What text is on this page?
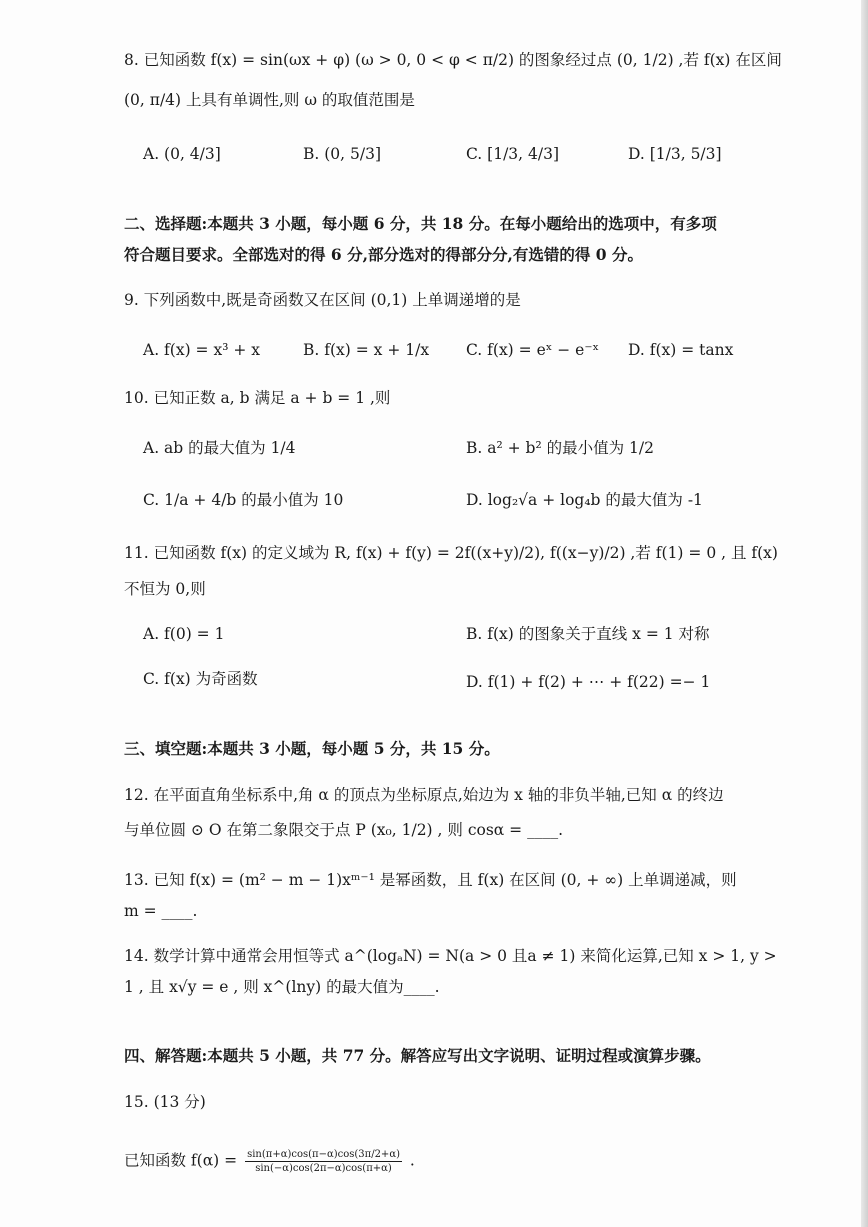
8. 已知函数 f(x) = sin(ωx + φ) (ω > 0, 0 < φ < π/2) 的图象经过点 (0, 1/2) ,若 f(x) 在区间
(0, π/4) 上具有单调性,则 ω 的取值范围是
A. (0, 4/3]	B. (0, 5/3]	C. [1/3, 4/3]	D. [1/3, 5/3]
二、选择题:本题共 3 小题，每小题 6 分，共 18 分。在每小题给出的选项中，有多项
符合题目要求。全部选对的得 6 分,部分选对的得部分分,有选错的得 0 分。
9. 下列函数中,既是奇函数又在区间 (0,1) 上单调递增的是
A. f(x) = x³ + x	B. f(x) = x + 1/x C. f(x) = eˣ − e⁻ˣ D. f(x) = tanx
10. 已知正数 a, b 满足 a + b = 1 ,则
A. ab 的最大值为 1/4	B. a² + b² 的最小值为 1/2
C. 1/a + 4/b 的最小值为 10	D. log₂√a + log₄b 的最大值为 -1
11. 已知函数 f(x) 的定义域为 R, f(x) + f(y) = 2f((x+y)/2), f((x−y)/2) ,若 f(1) = 0 , 且 f(x)
不恒为 0,则
A. f(0) = 1	B. f(x) 的图象关于直线 x = 1 对称
C. f(x) 为奇函数	D. f(1) + f(2) + ⋯ + f(22) =− 1
三、填空题:本题共 3 小题，每小题 5 分，共 15 分。
12. 在平面直角坐标系中,角 α 的顶点为坐标原点,始边为 x 轴的非负半轴,已知 α 的终边
与单位圆 ⊙ O 在第二象限交于点 P (x₀, 1/2) , 则 cosα = ____.
13. 已知 f(x) = (m² − m − 1)xᵐ⁻¹ 是幂函数，且 f(x) 在区间 (0, + ∞) 上单调递减，则
m = ____.
14. 数学计算中通常会用恒等式 a^(logₐN) = N(a > 0 且a ≠ 1) 来简化运算,已知 x > 1, y >
1 , 且 x√y = e , 则 x^(lny) 的最大值为____.
四、解答题:本题共 5 小题，共 77 分。解答应写出文字说明、证明过程或演算步骤。
15. (13 分)
已知函数 $f(\alpha) = \frac{\sin(\pi+\alpha)\cos(\pi-\alpha)\cos(3\pi/2+\alpha)}{\sin(-\alpha)\cos(2\pi-\alpha)\cos(\pi+\alpha)}$ .
